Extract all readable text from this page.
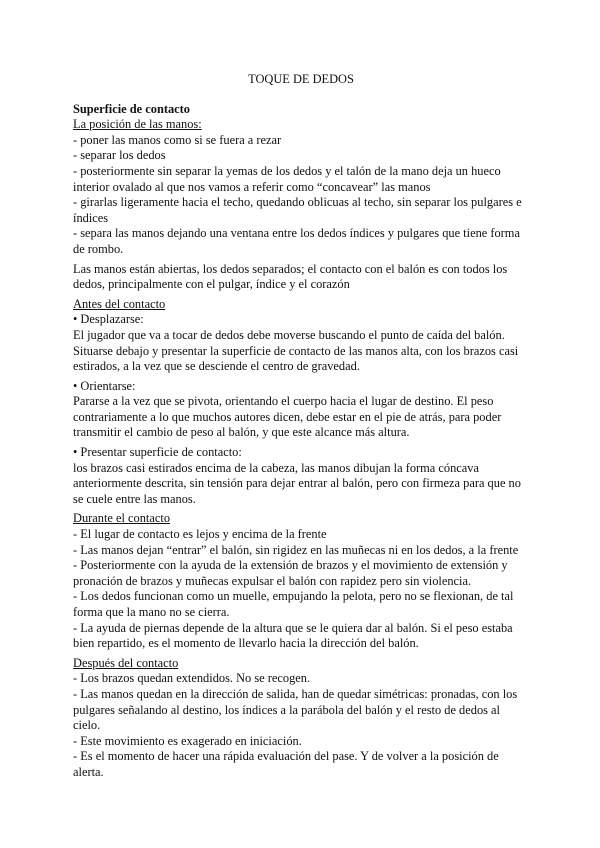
TOQUE DE DEDOS

Superficie de contacto

La posición de las manos:

- poner las manos como si se fuera a rezar

- separar los dedos

- posteriormente sin separar la yemas de los dedos y el talón de la mano deja un hueco interior ovalado al que nos vamos a referir como “concavear” las manos

- girarlas ligeramente hacia el techo, quedando oblicuas al techo, sin separar los pulgares e índices

- separa las manos dejando una ventana entre los dedos índices y pulgares que tiene forma de rombo.

Las manos están abiertas, los dedos separados; el contacto con el balón es con todos los dedos, principalmente con el pulgar, índice y el corazón

Antes del contacto

• Desplazarse:

El jugador que va a tocar de dedos debe moverse buscando el punto de caída del balón. Situarse debajo y presentar la superficie de contacto de las manos alta, con los brazos casi estirados, a la vez que se desciende el centro de gravedad.

• Orientarse:

Pararse a la vez que se pivota, orientando el cuerpo hacia el lugar de destino. El peso contrariamente a lo que muchos autores dicen, debe estar en el pie de atrás, para poder transmitir el cambio de peso al balón, y que este alcance más altura.

• Presentar superficie de contacto:

los brazos casi estirados encima de la cabeza, las manos dibujan la forma cóncava anteriormente descrita, sin tensión para dejar entrar al balón, pero con firmeza para que no se cuele entre las manos.

Durante el contacto

- El lugar de contacto es lejos y encima de la frente

- Las manos dejan “entrar” el balón, sin rigidez en las muñecas ni en los dedos, a la frente

- Posteriormente con la ayuda de la extensión de brazos y el movimiento de extensión y pronación de brazos y muñecas expulsar el balón con rapidez pero sin violencia.

- Los dedos funcionan como un muelle, empujando la pelota, pero no se flexionan, de tal forma que la mano no se cierra.

- La ayuda de piernas depende de la altura que se le quiera dar al balón. Si el peso estaba bien repartido, es el momento de llevarlo hacia la dirección del balón.

Después del contacto

- Los brazos quedan extendidos. No se recogen.

- Las manos quedan en la dirección de salida, han de quedar simétricas: pronadas, con los pulgares señalando al destino, los índices a la parábola del balón y el resto de dedos al cielo.

- Este movimiento es exagerado en iniciación.

- Es el momento de hacer una rápida evaluación del pase. Y de volver a la posición de alerta.
